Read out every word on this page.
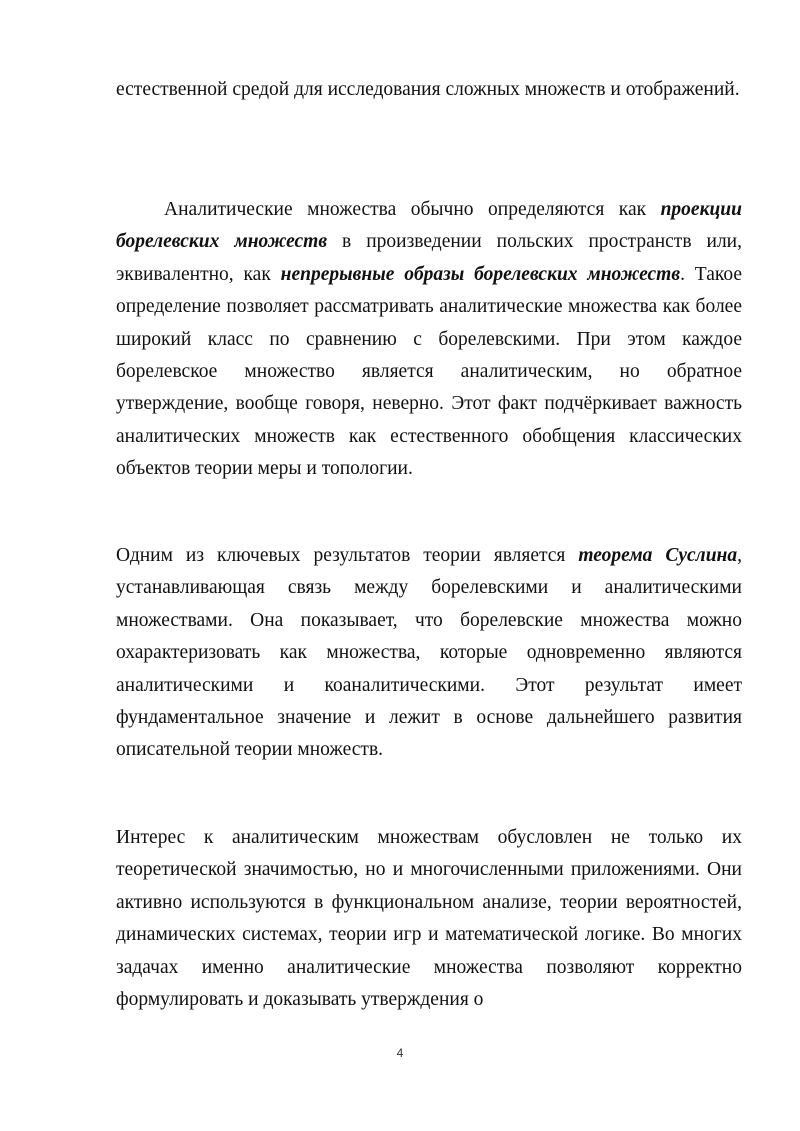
естественной средой для исследования сложных множеств и отображений.

Аналитические множества обычно определяются как проекции борелевских множеств в произведении польских пространств или, эквивалентно, как непрерывные образы борелевских множеств. Такое определение позволяет рассматривать аналитические множества как более широкий класс по сравнению с борелевскими. При этом каждое борелевское множество является аналитическим, но обратное утверждение, вообще говоря, неверно. Этот факт подчёркивает важность аналитических множеств как естественного обобщения классических объектов теории меры и топологии.

Одним из ключевых результатов теории является теорема Суслина, устанавливающая связь между борелевскими и аналитическими множествами. Она показывает, что борелевские множества можно охарактеризовать как множества, которые одновременно являются аналитическими и коаналитическими. Этот результат имеет фундаментальное значение и лежит в основе дальнейшего развития описательной теории множеств.

Интерес к аналитическим множествам обусловлен не только их теоретической значимостью, но и многочисленными приложениями. Они активно используются в функциональном анализе, теории вероятностей, динамических системах, теории игр и математической логике. Во многих задачах именно аналитические множества позволяют корректно формулировать и доказывать утверждения о

4
